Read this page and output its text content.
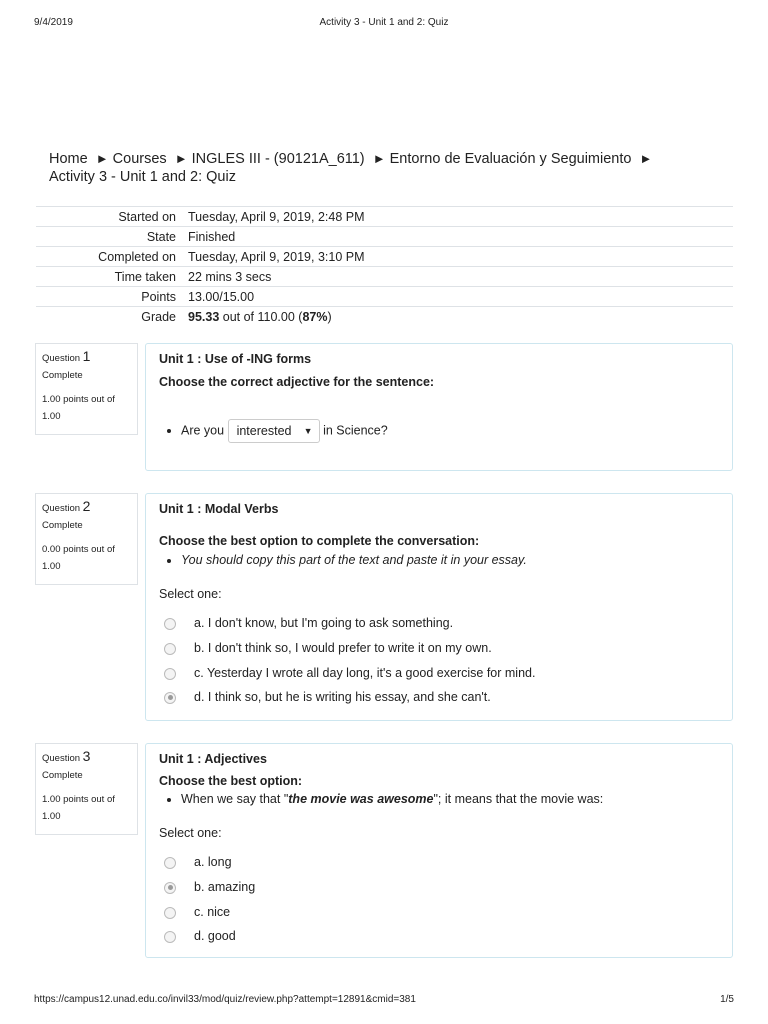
9/4/2019	Activity 3 - Unit 1 and 2: Quiz
Home ► Courses ► INGLES III - (90121A_611) ► Entorno de Evaluación y Seguimiento ►
Activity 3 - Unit 1 and 2: Quiz
Started on	Tuesday, April 9, 2019, 2:48 PM
State	Finished
Completed on	Tuesday, April 9, 2019, 3:10 PM
Time taken	22 mins 3 secs
Points	13.00/15.00
Grade	95.33 out of 110.00 (87%)
Question 1
Complete
1.00 points out of 1.00
Unit 1 : Use of -ING forms
Choose the correct adjective for the sentence:
• Are you interested ▼ in Science?
Question 2
Complete
0.00 points out of 1.00
Unit 1 : Modal Verbs
Choose the best option to complete the conversation:
• You should copy this part of the text and paste it in your essay.
Select one:
a. I don't know, but I'm going to ask something.
b. I don't think so, I would prefer to write it on my own.
c. Yesterday I wrote all day long, it's a good exercise for mind.
d. I think so, but he is writing his essay, and she can't.
Question 3
Complete
1.00 points out of 1.00
Unit 1 : Adjectives
Choose the best option:
• When we say that "the movie was awesome"; it means that the movie was:
Select one:
a. long
b. amazing
c. nice
d. good
https://campus12.unad.edu.co/invil33/mod/quiz/review.php?attempt=12891&cmid=381	1/5
